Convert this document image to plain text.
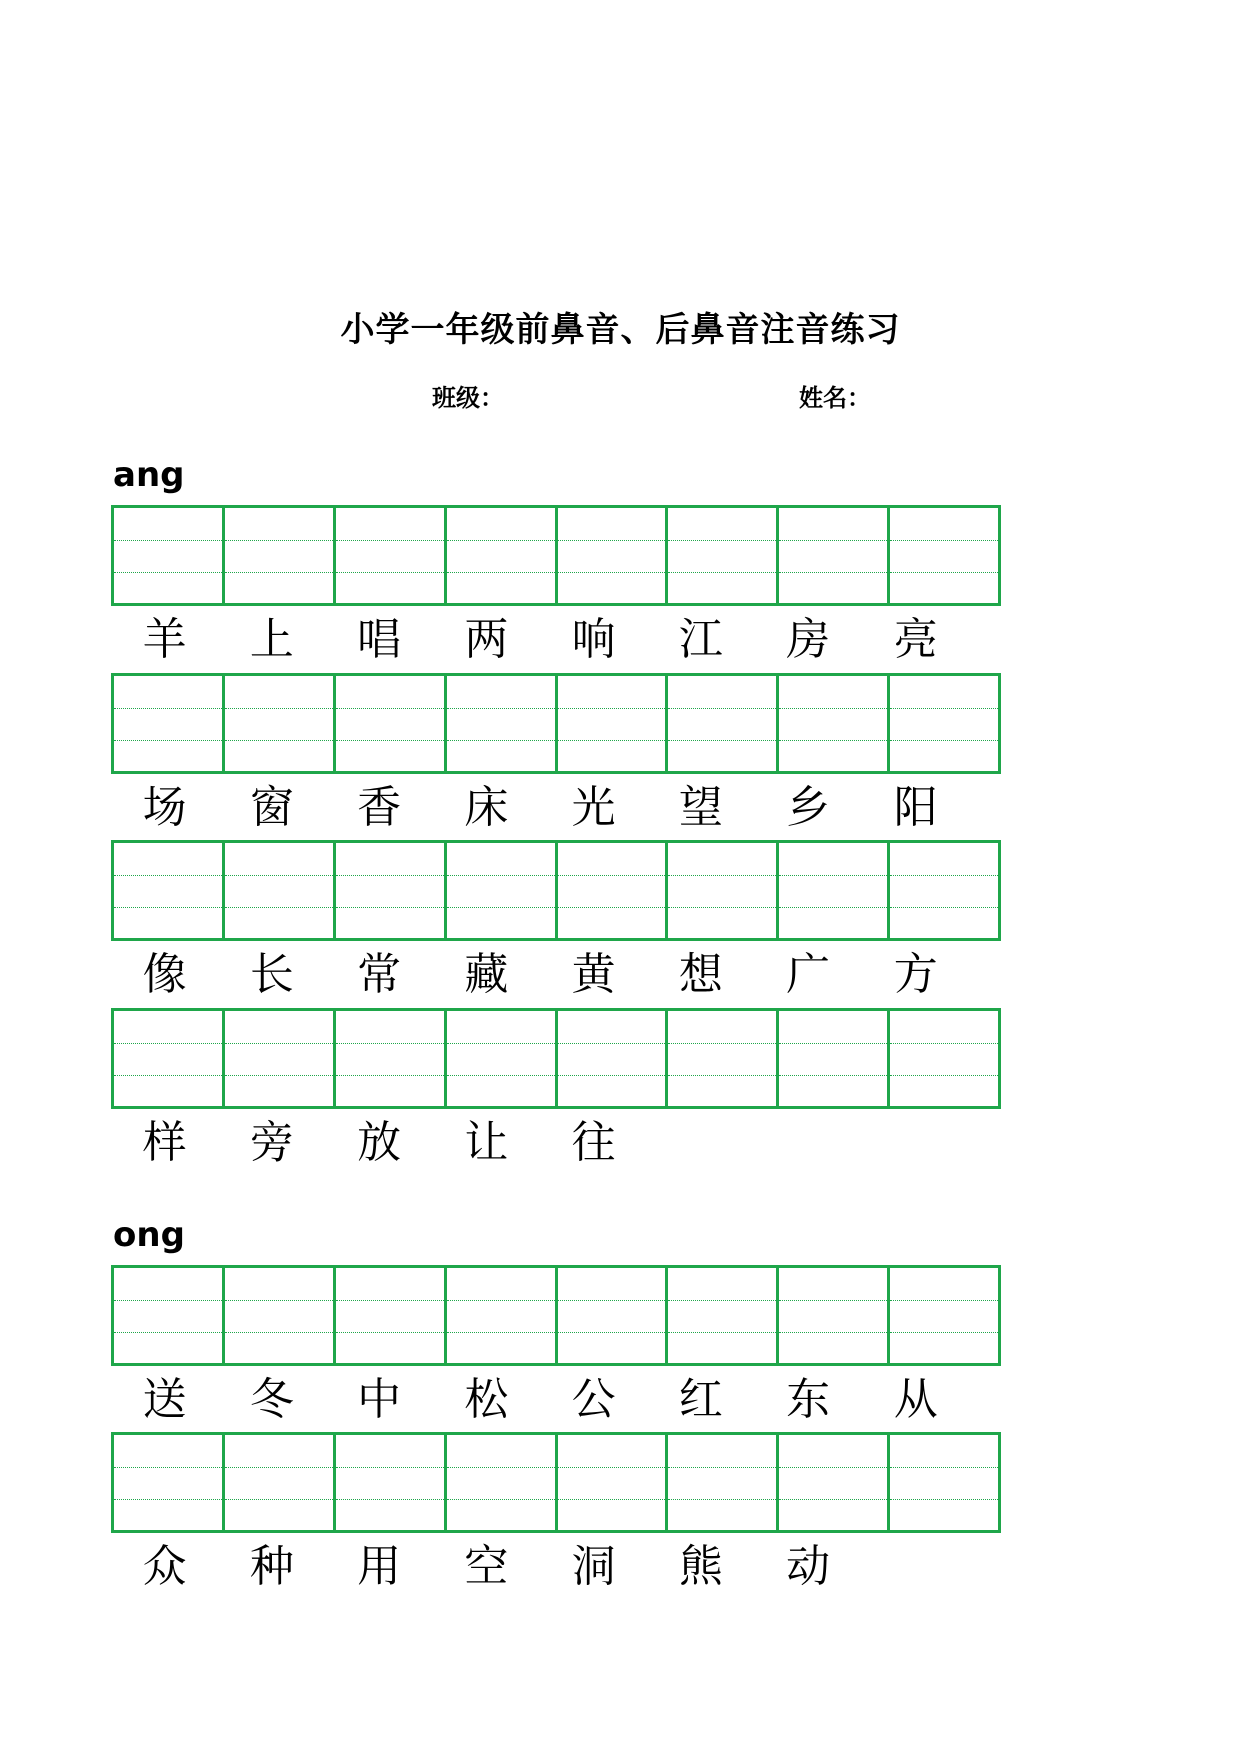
小学一年级前鼻音、后鼻音注音练习
班级：	姓名：
ang
羊	上	唱	两	响	江	房	亮
场	窗	香	床	光	望	乡	阳
像	长	常	藏	黄	想	广	方
样	旁	放	让	往
ong
送	冬	中	松	公	红	东	从
众	种	用	空	洞	熊	动
